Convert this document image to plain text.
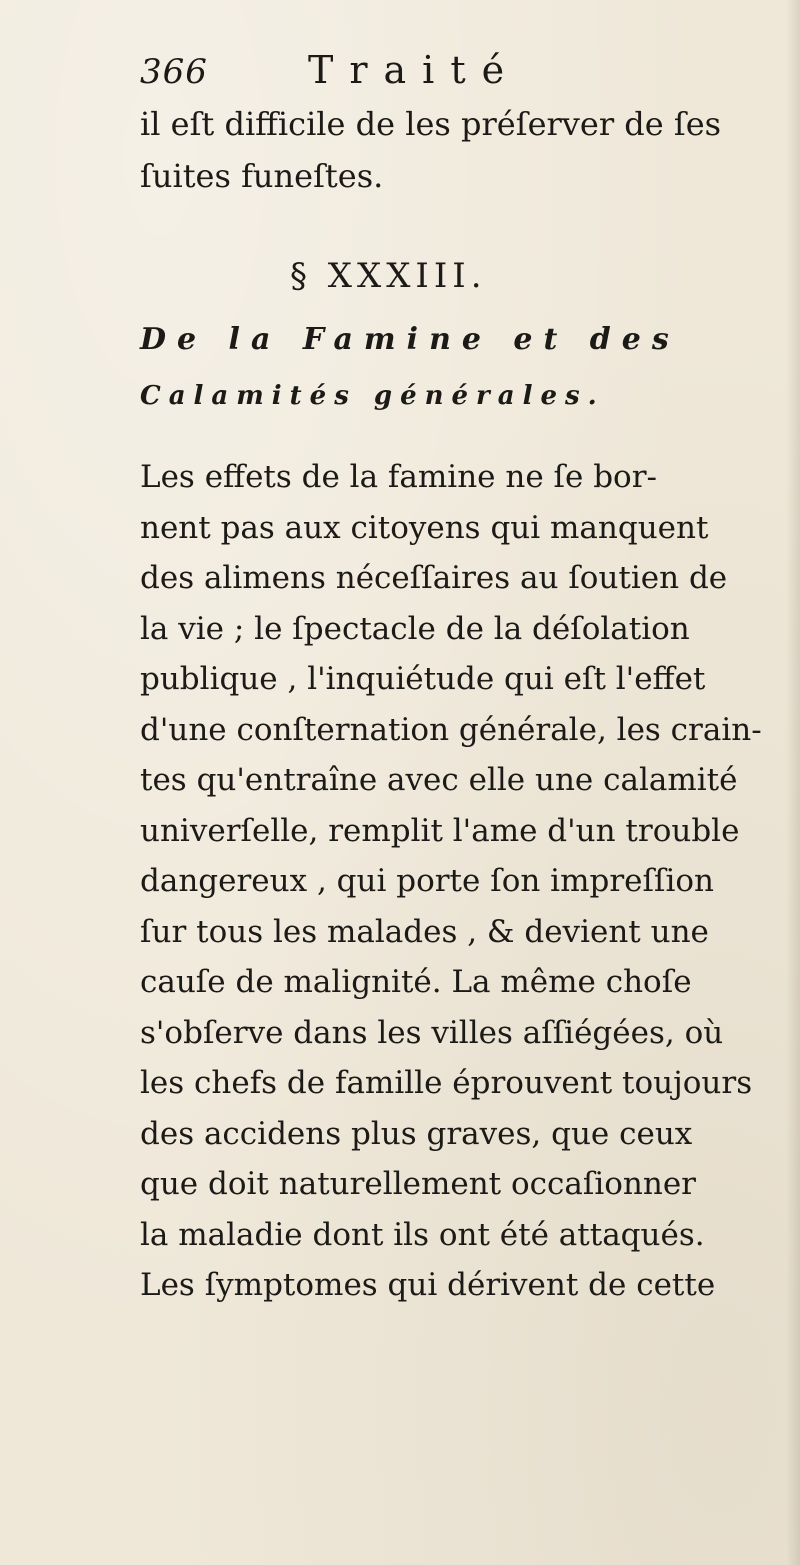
366	Traité
il eſt difficile de les préſerver de ſes
ſuites funeſtes.
§ XXXIII.
De la Famine et des
Calamités générales.
Les effets de la famine ne ſe bor-
nent pas aux citoyens qui manquent
des alimens néceſſaires au ſoutien de
la vie ; le ſpectacle de la déſolation
publique , l'inquiétude qui eſt l'effet
d'une conſternation générale, les crain-
tes qu'entraîne avec elle une calamité
univerſelle, remplit l'ame d'un trouble
dangereux , qui porte ſon impreſſion
ſur tous les malades , & devient une
cauſe de malignité. La même choſe
s'obſerve dans les villes aſſiégées, où
les chefs de famille éprouvent toujours
des accidens plus graves, que ceux
que doit naturellement occaſionner
la maladie dont ils ont été attaqués.
Les ſymptomes qui dérivent de cette
